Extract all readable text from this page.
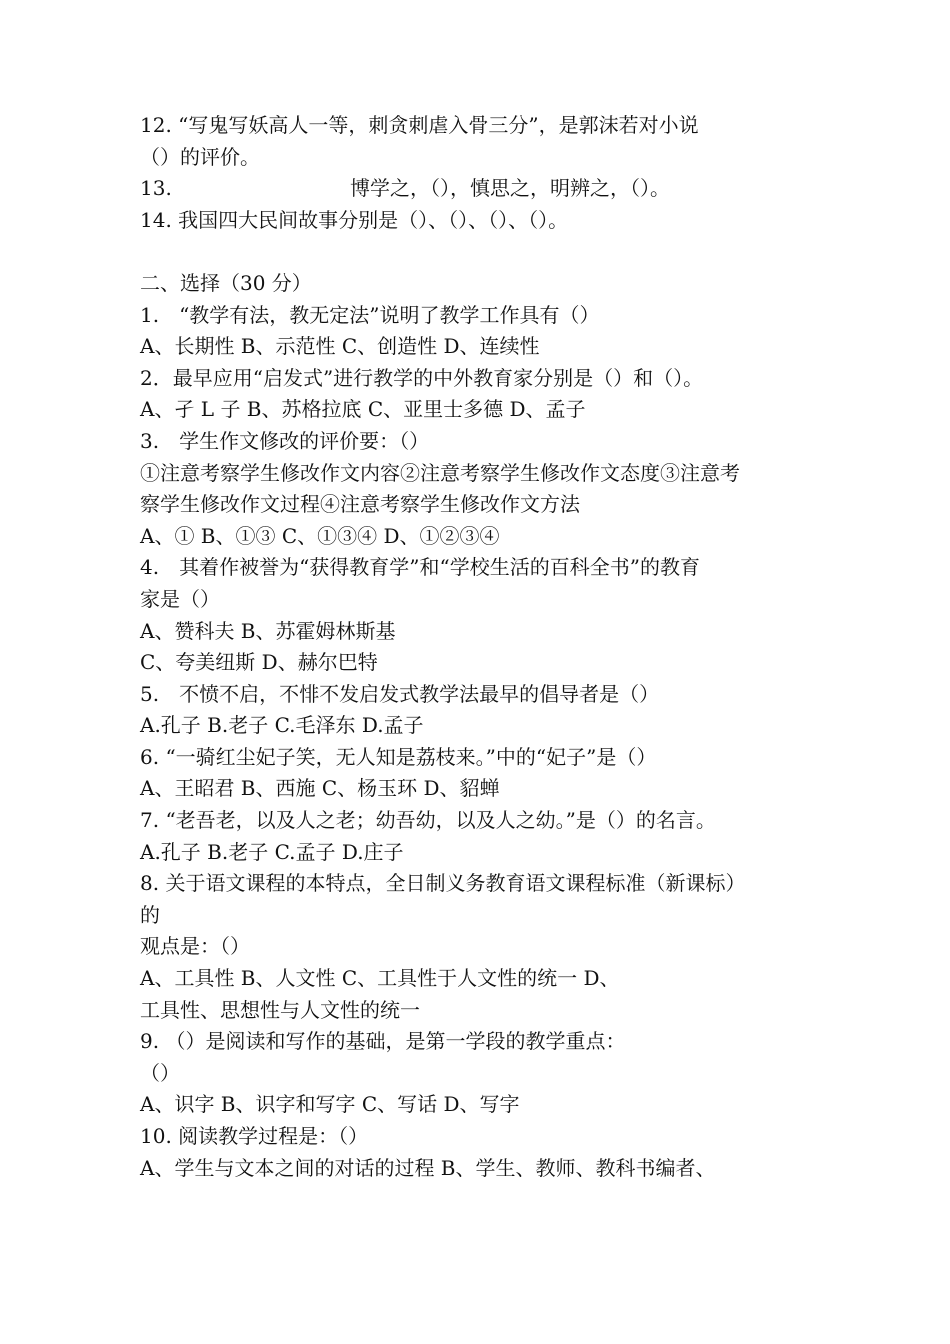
12. “写鬼写妖高人一等，刺贪刺虐入骨三分”，是郭沫若对小说
（）的评价。
13.	博学之，（），慎思之，明辨之，（）。
14. 我国四大民间故事分别是（）、（）、（）、（）。
二、选择（30 分）
1.　“教学有法，教无定法”说明了教学工作具有（）
A、长期性 B、示范性 C、创造性 D、连续性
2．最早应用“启发式”进行教学的中外教育家分别是（）和（）。
A、孑 L 子 B、苏格拉底 C、亚里士多德 D、孟子
3.　学生作文修改的评价要：（）
①注意考察学生修改作文内容②注意考察学生修改作文态度③注意考
察学生修改作文过程④注意考察学生修改作文方法
A、① B、①③ C、①③④ D、①②③④
4.　其着作被誉为“获得教育学”和“学校生活的百科全书”的教育
家是（）
A、赞科夫 B、苏霍姆林斯基
C、夸美纽斯 D、赫尔巴特
5.　不愤不启，不悱不发启发式教学法最早的倡导者是（）
A.孔子 B.老子 C.毛泽东 D.孟子
6. “一骑红尘妃子笑，无人知是荔枝来。”中的“妃子”是（）
A、王昭君 B、西施 C、杨玉环 D、貂蝉
7. “老吾老，以及人之老；幼吾幼，以及人之幼。”是（）的名言。
A.孔子 B.老子 C.孟子 D.庄子
8. 关于语文课程的本特点，全日制义务教育语文课程标准（新课标）
的
观点是：（）
A、工具性 B、人文性 C、工具性于人文性的统一 D、
工具性、思想性与人文性的统一
9. （）是阅读和写作的基础，是第一学段的教学重点：
（）
A、识字 B、识字和写字 C、写话 D、写字
10. 阅读教学过程是：（）
A、学生与文本之间的对话的过程 B、学生、教师、教科书编者、
